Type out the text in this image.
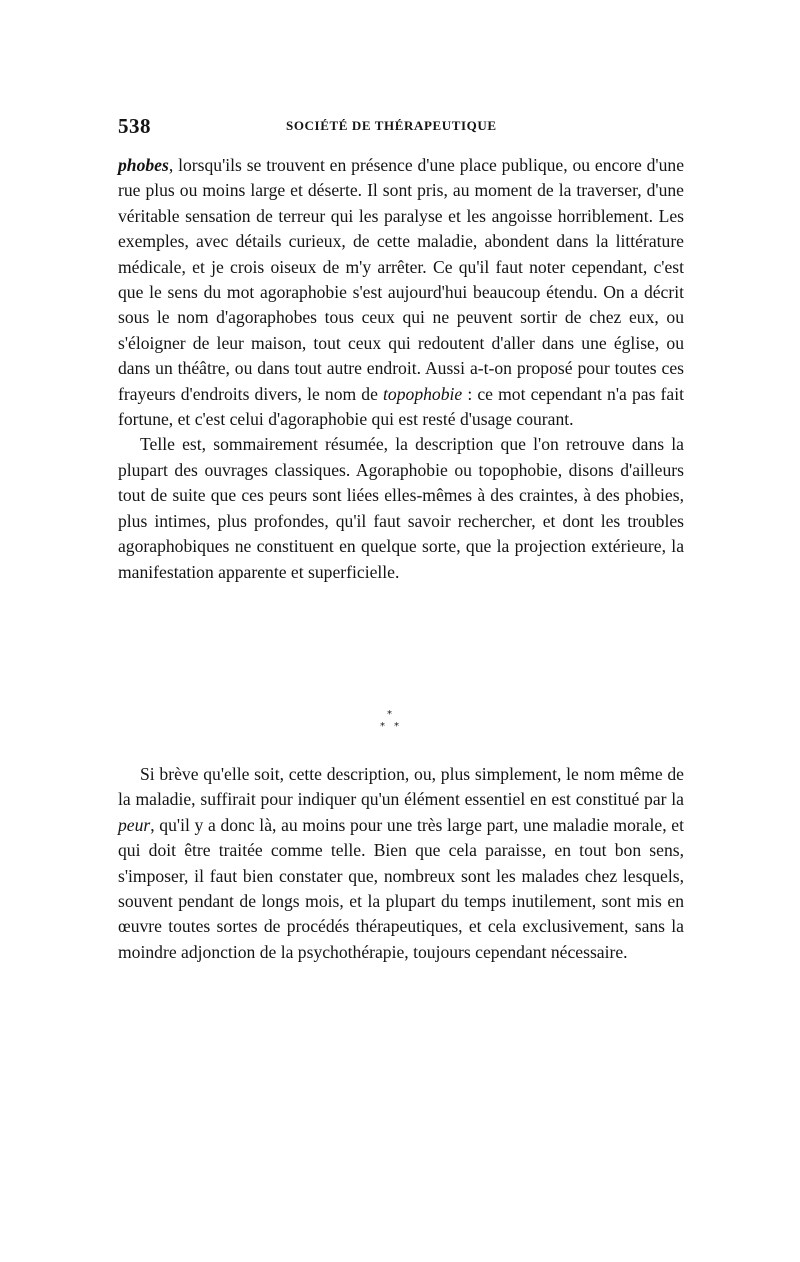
538	SOCIÉTÉ DE THÉRAPEUTIQUE

phobes, lorsqu'ils se trouvent en présence d'une place publique, ou encore d'une rue plus ou moins large et déserte. Il sont pris, au moment de la traverser, d'une véritable sensation de terreur qui les paralyse et les angoisse horriblement. Les exemples, avec détails curieux, de cette maladie, abondent dans la littérature médicale, et je crois oiseux de m'y arrêter. Ce qu'il faut noter cependant, c'est que le sens du mot agoraphobie s'est aujourd'hui beaucoup étendu. On a décrit sous le nom d'agoraphobes tous ceux qui ne peuvent sortir de chez eux, ou s'éloigner de leur maison, tout ceux qui redoutent d'aller dans une église, ou dans un théâtre, ou dans tout autre endroit. Aussi a-t-on proposé pour toutes ces frayeurs d'endroits divers, le nom de topophobie : ce mot cependant n'a pas fait fortune, et c'est celui d'agoraphobie qui est resté d'usage courant.

Telle est, sommairement résumée, la description que l'on retrouve dans la plupart des ouvrages classiques. Agoraphobie ou topophobie, disons d'ailleurs tout de suite que ces peurs sont liées elles-mêmes à des craintes, à des phobies, plus intimes, plus profondes, qu'il faut savoir rechercher, et dont les troubles agoraphobiques ne constituent en quelque sorte, que la projection extérieure, la manifestation apparente et superficielle.

*
* *

Si brève qu'elle soit, cette description, ou, plus simplement, le nom même de la maladie, suffirait pour indiquer qu'un élément essentiel en est constitué par la peur, qu'il y a donc là, au moins pour une très large part, une maladie morale, et qui doit être traitée comme telle. Bien que cela paraisse, en tout bon sens, s'imposer, il faut bien constater que, nombreux sont les malades chez lesquels, souvent pendant de longs mois, et la plupart du temps inutilement, sont mis en œuvre toutes sortes de procédés thérapeutiques, et cela exclusivement, sans la moindre adjonction de la psychothérapie, toujours cependant nécessaire.
